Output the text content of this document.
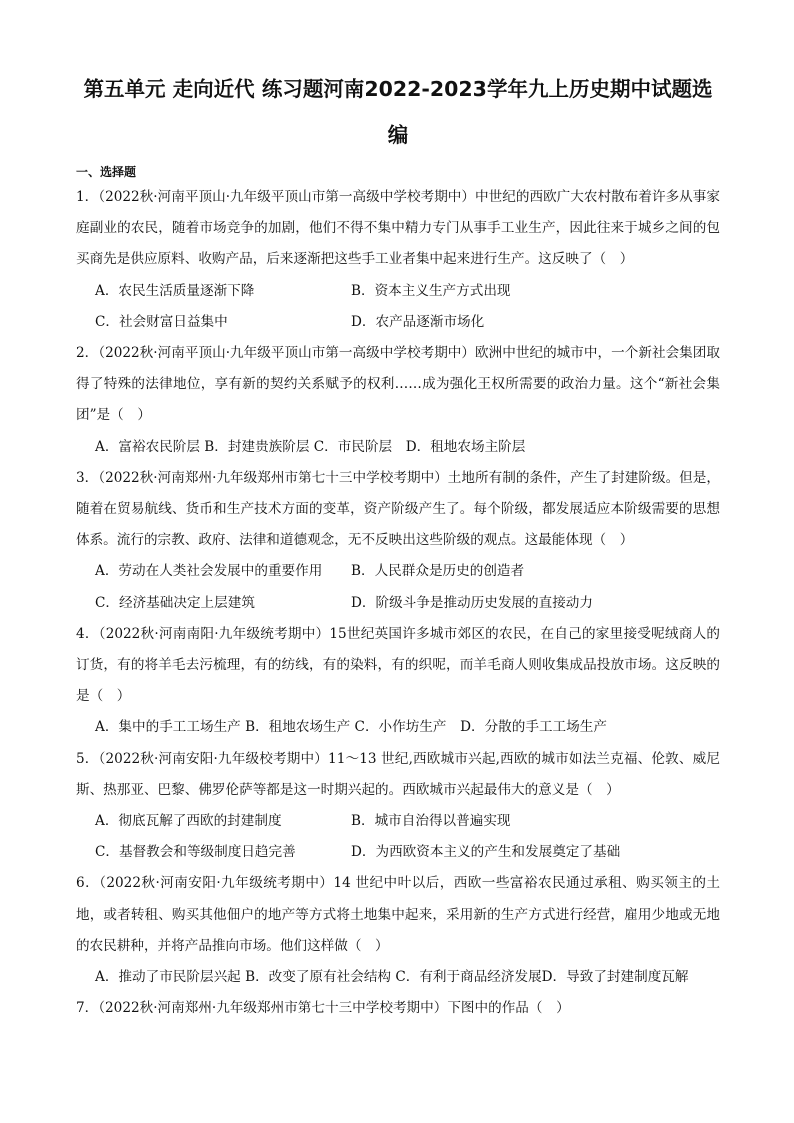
第五单元 走向近代 练习题河南2022-2023学年九上历史期中试题选编
一、选择题
1．（2022秋·河南平顶山·九年级平顶山市第一高级中学校考期中）中世纪的西欧广大农村散布着许多从事家庭副业的农民，随着市场竞争的加剧，他们不得不集中精力专门从事手工业生产，因此往来于城乡之间的包买商先是供应原料、收购产品，后来逐渐把这些手工业者集中起来进行生产。这反映了（　）
A．农民生活质量逐渐下降	B．资本主义生产方式出现
C．社会财富日益集中	D．农产品逐渐市场化
2．（2022秋·河南平顶山·九年级平顶山市第一高级中学校考期中）欧洲中世纪的城市中，一个新社会集团取得了特殊的法律地位，享有新的契约关系赋予的权利……成为强化王权所需要的政治力量。这个“新社会集团”是（　）
A．富裕农民阶层 B．封建贵族阶层 C．市民阶层　D．租地农场主阶层
3．（2022秋·河南郑州·九年级郑州市第七十三中学校考期中）土地所有制的条件，产生了封建阶级。但是，随着在贸易航线、货币和生产技术方面的变革，资产阶级产生了。每个阶级，都发展适应本阶级需要的思想体系。流行的宗教、政府、法律和道德观念，无不反映出这些阶级的观点。这最能体现（　）
A．劳动在人类社会发展中的重要作用	B．人民群众是历史的创造者
C．经济基础决定上层建筑	D．阶级斗争是推动历史发展的直接动力
4．（2022秋·河南南阳·九年级统考期中）15世纪英国许多城市郊区的农民，在自己的家里接受呢绒商人的订货，有的将羊毛去污梳理，有的纺线，有的染料，有的织呢，而羊毛商人则收集成品投放市场。这反映的是（　）
A．集中的手工工场生产 B．租地农场生产 C．小作坊生产　D．分散的手工工场生产
5．（2022秋·河南安阳·九年级校考期中）11～13 世纪,西欧城市兴起,西欧的城市如法兰克福、伦敦、威尼斯、热那亚、巴黎、佛罗伦萨等都是这一时期兴起的。西欧城市兴起最伟大的意义是（　）
A．彻底瓦解了西欧的封建制度	B．城市自治得以普遍实现
C．基督教会和等级制度日趋完善	D．为西欧资本主义的产生和发展奠定了基础
6．（2022秋·河南安阳·九年级统考期中）14 世纪中叶以后，西欧一些富裕农民通过承租、购买领主的土地，或者转租、购买其他佃户的地产等方式将土地集中起来，采用新的生产方式进行经营，雇用少地或无地的农民耕种，并将产品推向市场。他们这样做（　）
A．推动了市民阶层兴起 B．改变了原有社会结构 C．有利于商品经济发展D．导致了封建制度瓦解
7．（2022秋·河南郑州·九年级郑州市第七十三中学校考期中）下图中的作品（　）
